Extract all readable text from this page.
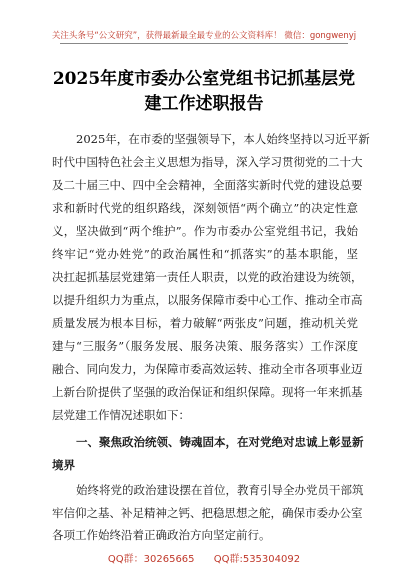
关注头条号“公文研究”，获得最新最全最专业的公文资料库！ 微信：gongwenyj
2025年度市委办公室党组书记抓基层党
建工作述职报告
2025年，在市委的坚强领导下，本人始终坚持以习近平新
时代中国特色社会主义思想为指导，深入学习贯彻党的二十大
及二十届三中、四中全会精神，全面落实新时代党的建设总要
求和新时代党的组织路线，深刻领悟“两个确立”的决定性意
义，坚决做到“两个维护”。作为市委办公室党组书记，我始
终牢记“党办姓党”的政治属性和“抓落实”的基本职能，坚
决扛起抓基层党建第一责任人职责，以党的政治建设为统领，
以提升组织力为重点，以服务保障市委中心工作、推动全市高
质量发展为根本目标，着力破解“两张皮”问题，推动机关党
建与“三服务”（服务发展、服务决策、服务落实）工作深度
融合、同向发力，为保障市委高效运转、推动全市各项事业迈
上新台阶提供了坚强的政治保证和组织保障。现将一年来抓基
层党建工作情况述职如下：
一、聚焦政治统领、铸魂固本，在对党绝对忠诚上彰显新
境界
始终将党的政治建设摆在首位，教育引导全办党员干部筑
牢信仰之基、补足精神之钙、把稳思想之舵，确保市委办公室
各项工作始终沿着正确政治方向坚定前行。
QQ群：30265665 QQ群:535304092
